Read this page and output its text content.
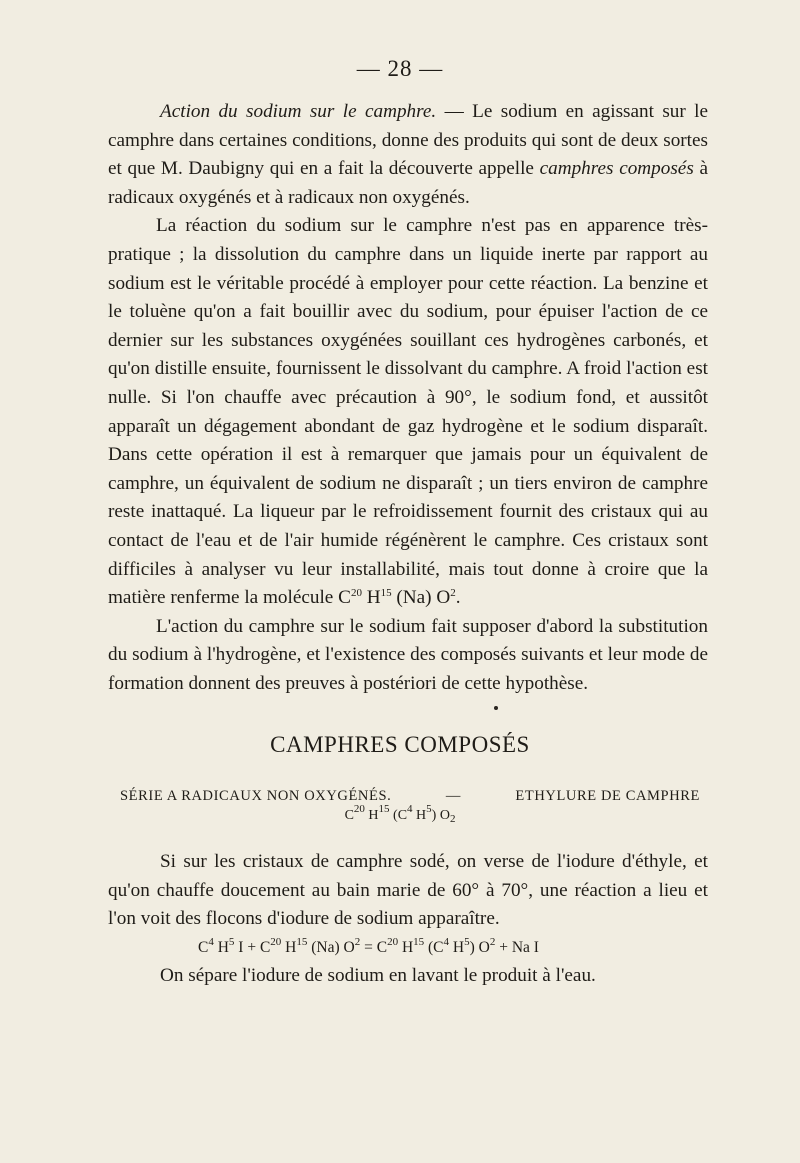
— 28 —

Action du sodium sur le camphre. — Le sodium en agissant sur le camphre dans certaines conditions, donne des produits qui sont de deux sortes et que M. Daubigny qui en a fait la découverte appelle camphres composés à radicaux oxygénés et à radicaux non oxygénés.

La réaction du sodium sur le camphre n'est pas en apparence très-pratique ; la dissolution du camphre dans un liquide inerte par rapport au sodium est le véritable procédé à employer pour cette réaction. La benzine et le toluène qu'on a fait bouillir avec du sodium, pour épuiser l'action de ce dernier sur les substances oxygénées souillant ces hydrogènes carbonés, et qu'on distille ensuite, fournissent le dissolvant du camphre. A froid l'action est nulle. Si l'on chauffe avec précaution à 90°, le sodium fond, et aussitôt apparaît un dégagement abondant de gaz hydrogène et le sodium disparaît. Dans cette opération il est à remarquer que jamais pour un équivalent de camphre, un équivalent de sodium ne disparaît ; un tiers environ de camphre reste inattaqué. La liqueur par le refroidissement fournit des cristaux qui au contact de l'eau et de l'air humide régénèrent le camphre. Ces cristaux sont difficiles à analyser vu leur installabilité, mais tout donne à croire que la matière renferme la molécule $C^{20}$ $H^{15}$ (Na) $O^2$.

L'action du camphre sur le sodium fait supposer d'abord la substitution du sodium à l'hydrogène, et l'existence des composés suivants et leur mode de formation donnent des preuves à postériori de cette hypothèse.

CAMPHRES COMPOSÉS
SÉRIE A RADICAUX NON OXYGÉNÉS.	—	ETHYLURE DE CAMPHRE
$C^{20}$ $H^{15}$ ($C^4$ $H^5$) $O_2$

Si sur les cristaux de camphre sodé, on verse de l'iodure d'éthyle, et qu'on chauffe doucement au bain marie de 60° à 70°, une réaction a lieu et l'on voit des flocons d'iodure de sodium apparaître.

$C^4$ $H^5$ $I + C^{20}$ $H^{15}$ (Na) $O^2 = C^{20}$ $H^{15}$ ($C^4$ $H^5$) $O^2 + Na$ I

On sépare l'iodure de sodium en lavant le produit à l'eau.
